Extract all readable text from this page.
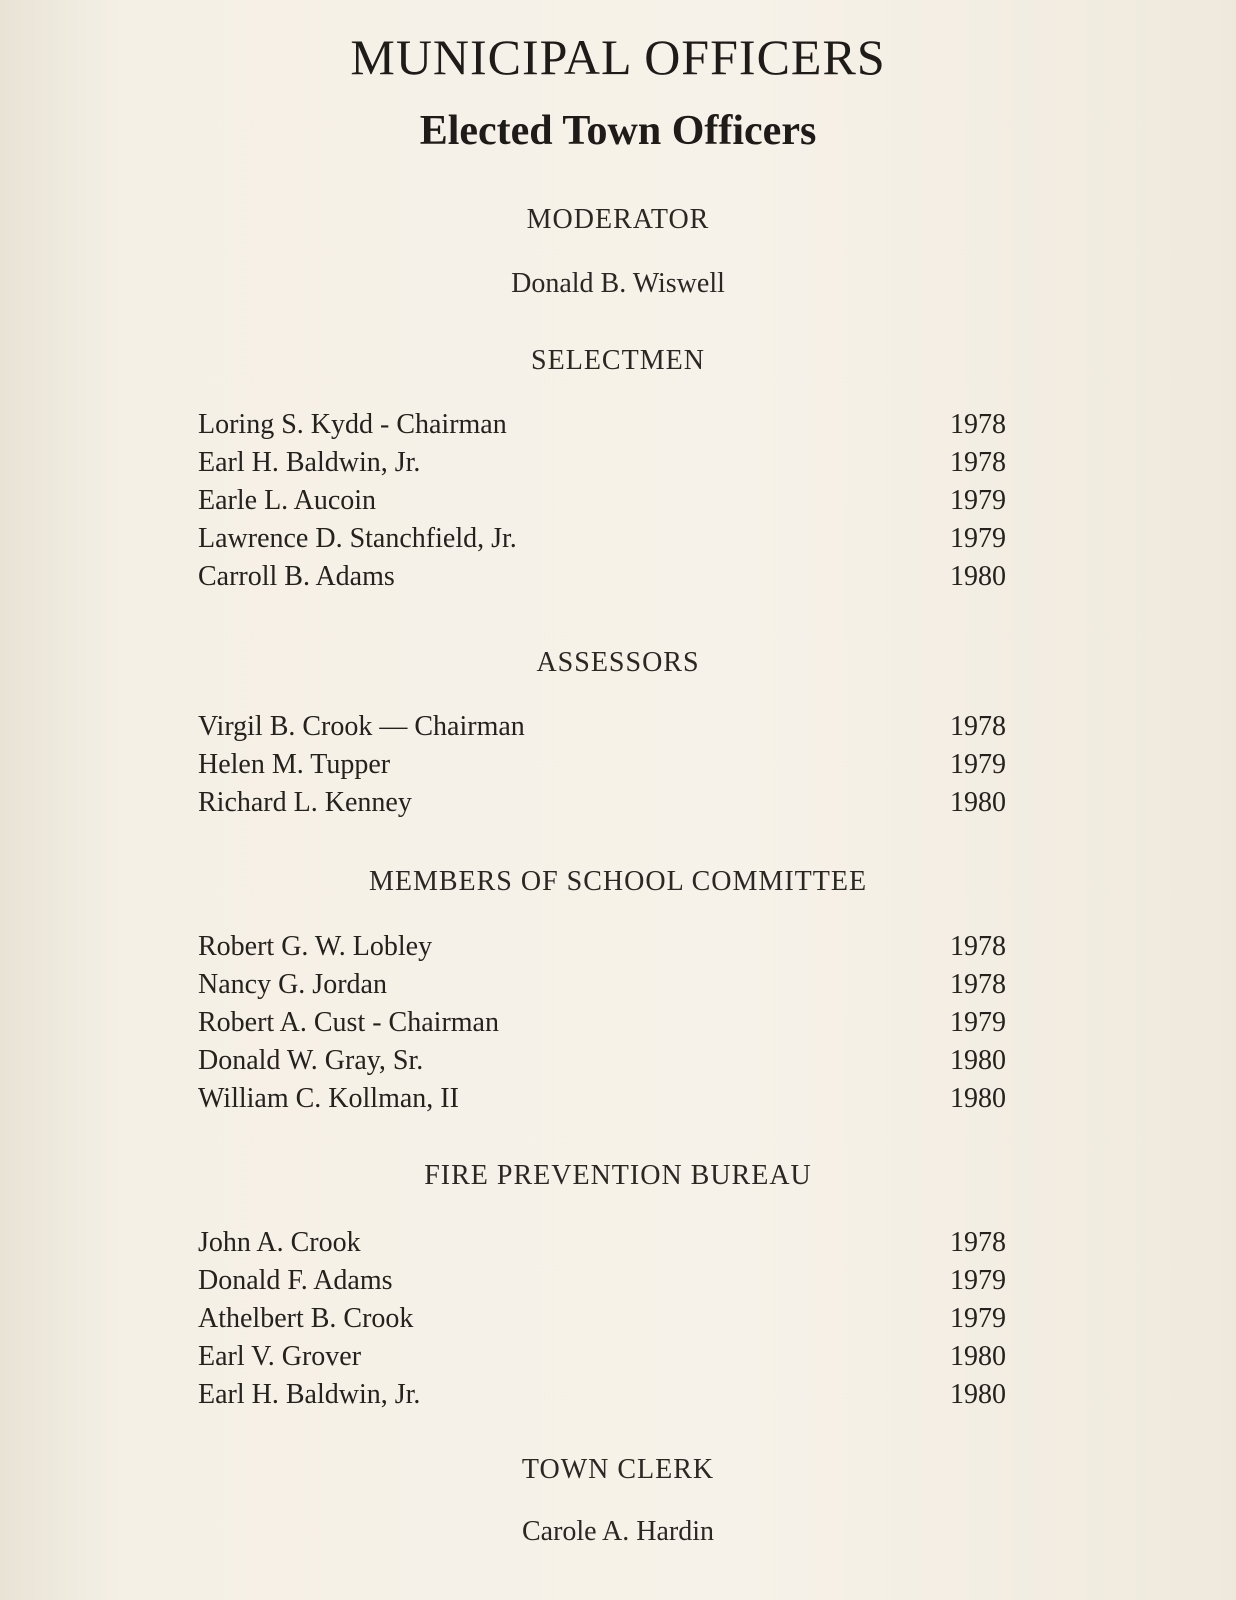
MUNICIPAL OFFICERS
Elected Town Officers
MODERATOR
Donald B. Wiswell
SELECTMEN
Loring S. Kydd - Chairman	1978
Earl H. Baldwin, Jr.	1978
Earle L. Aucoin	1979
Lawrence D. Stanchfield, Jr.	1979
Carroll B. Adams	1980
ASSESSORS
Virgil B. Crook — Chairman	1978
Helen M. Tupper	1979
Richard L. Kenney	1980
MEMBERS OF SCHOOL COMMITTEE
Robert G. W. Lobley	1978
Nancy G. Jordan	1978
Robert A. Cust - Chairman	1979
Donald W. Gray, Sr.	1980
William C. Kollman, II	1980
FIRE PREVENTION BUREAU
John A. Crook	1978
Donald F. Adams	1979
Athelbert B. Crook	1979
Earl V. Grover	1980
Earl H. Baldwin, Jr.	1980
TOWN CLERK
Carole A. Hardin
